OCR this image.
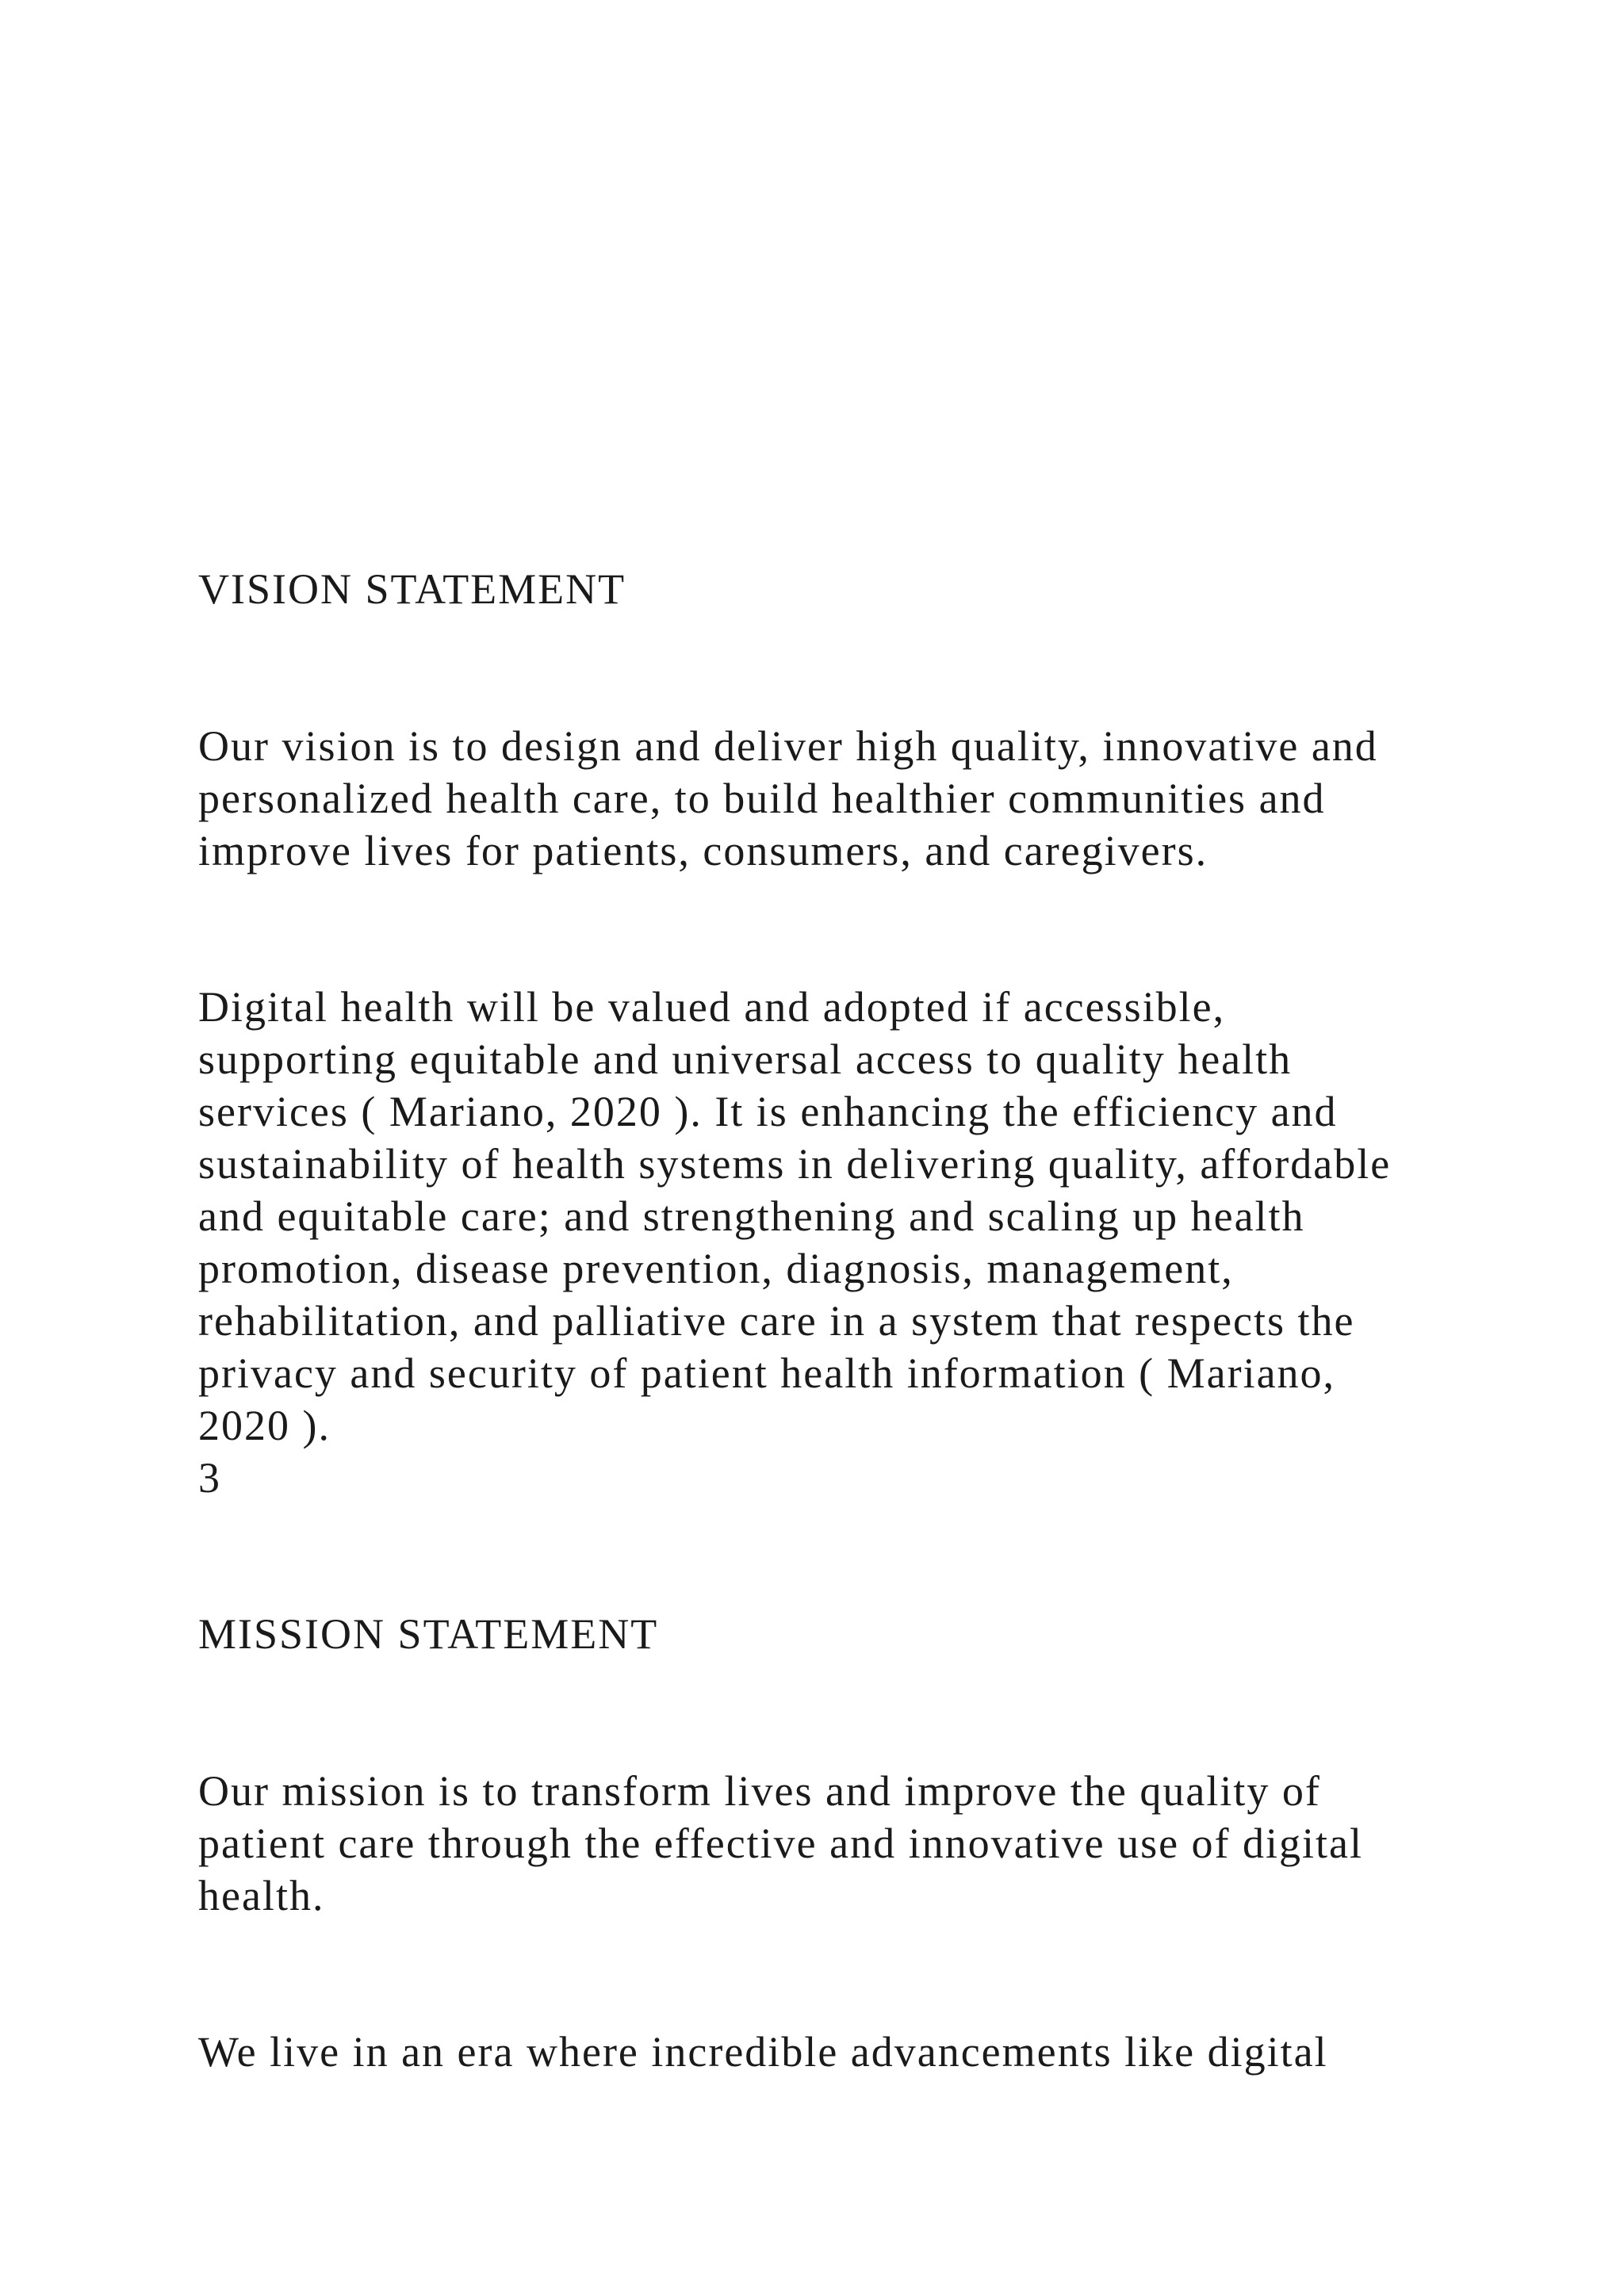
VISION STATEMENT

Our vision is to design and deliver high quality, innovative and

personalized health care, to build healthier communities and

improve lives for patients, consumers, and caregivers.

Digital health will be valued and adopted if accessible,

supporting equitable and universal access to quality health

services ( Mariano, 2020 ). It is enhancing the efficiency and

sustainability of health systems in delivering quality, affordable

and equitable care; and strengthening and scaling up health

promotion, disease prevention, diagnosis, management,

rehabilitation, and palliative care in a system that respects the

privacy and security of patient health information ( Mariano,

2020 ).

3

MISSION STATEMENT

Our mission is to transform lives and improve the quality of

patient care through the effective and innovative use of digital

health.

We live in an era where incredible advancements like digital
